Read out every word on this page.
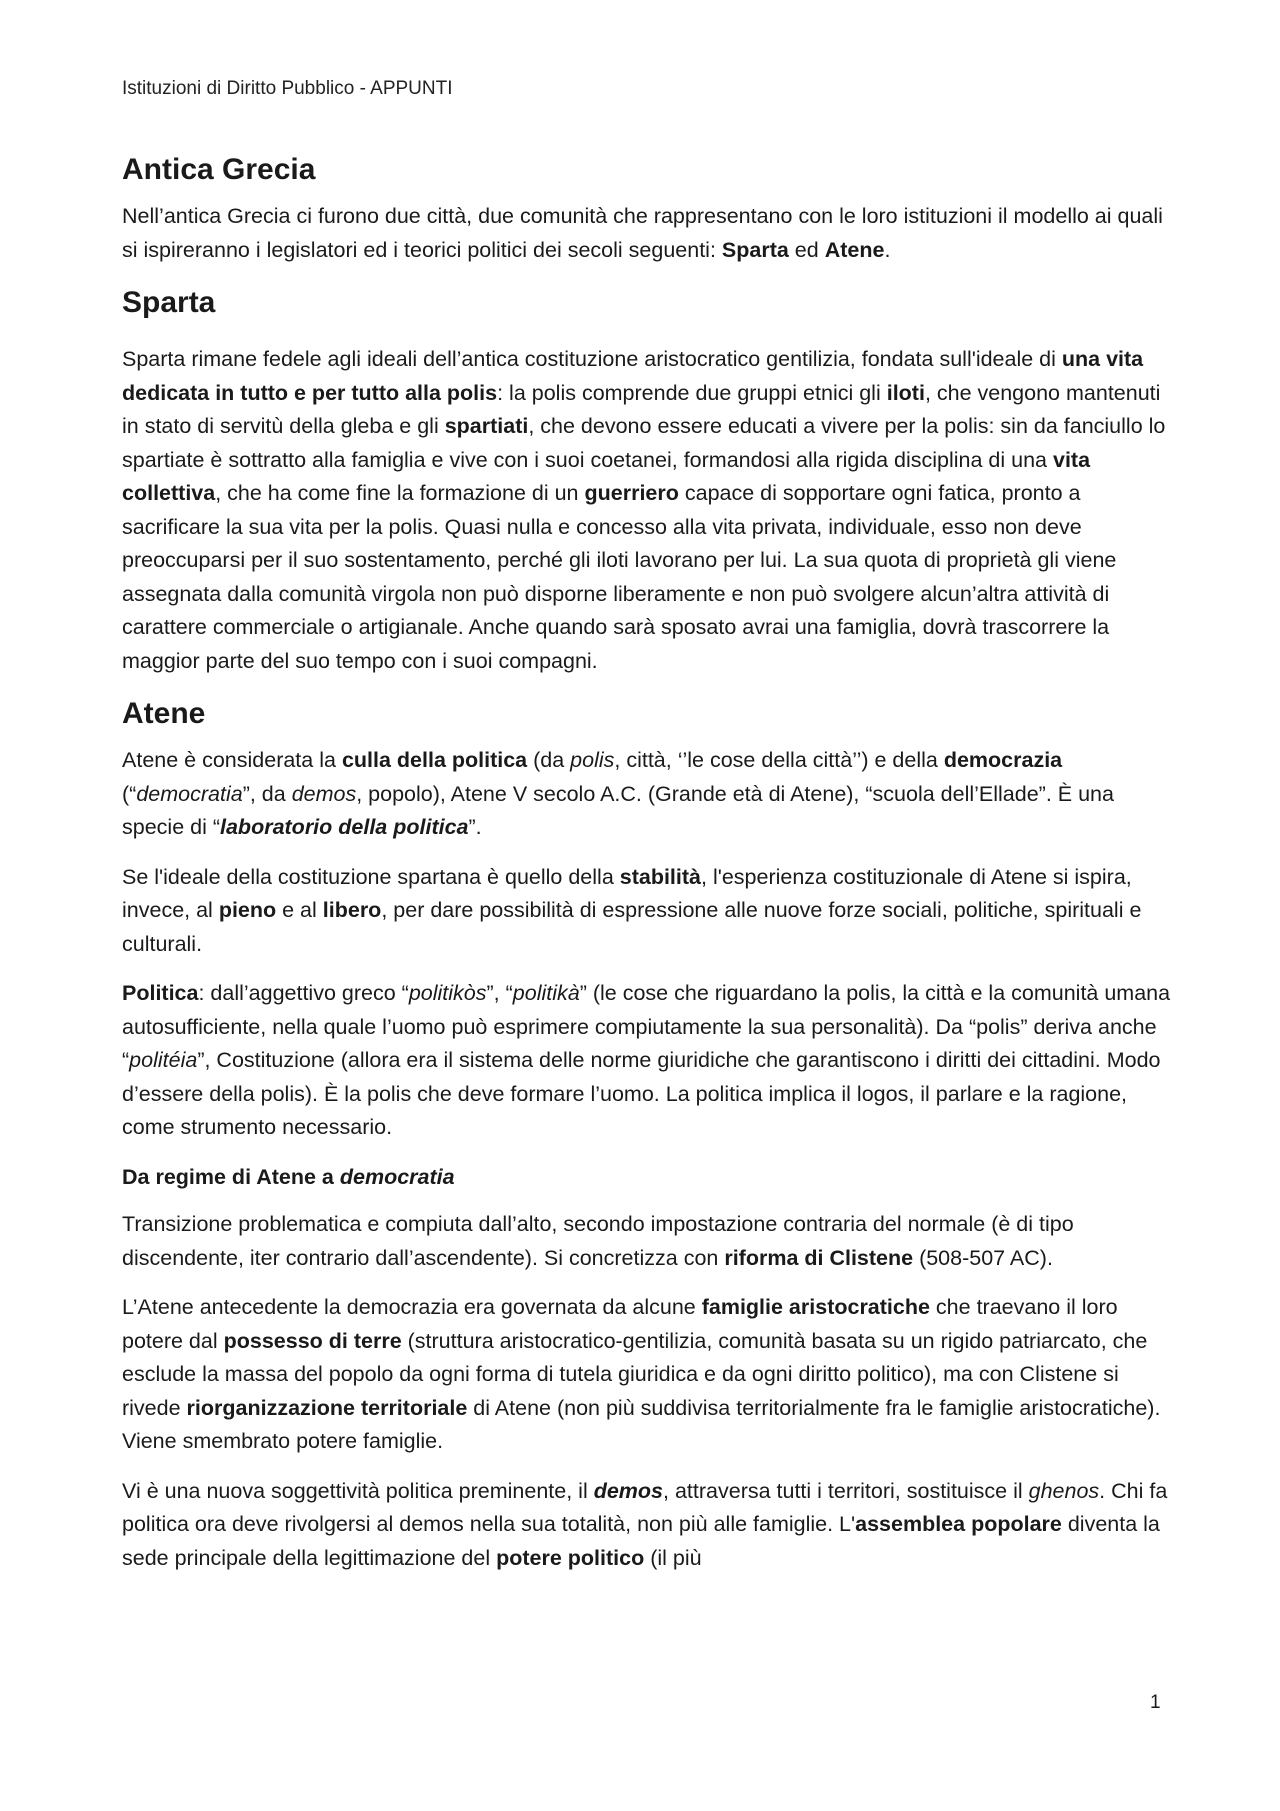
Istituzioni di Diritto Pubblico - APPUNTI
Antica Grecia

Nell’antica Grecia ci furono due città, due comunità che rappresentano con le loro istituzioni il modello ai quali si ispireranno i legislatori ed i teorici politici dei secoli seguenti: Sparta ed Atene.

Sparta

Sparta rimane fedele agli ideali dell’antica costituzione aristocratico gentilizia, fondata sull'ideale di una vita dedicata in tutto e per tutto alla polis: la polis comprende due gruppi etnici gli iloti, che vengono mantenuti in stato di servitù della gleba e gli spartiati, che devono essere educati a vivere per la polis: sin da fanciullo lo spartiate è sottratto alla famiglia e vive con i suoi coetanei, formandosi alla rigida disciplina di una vita collettiva, che ha come fine la formazione di un guerriero capace di sopportare ogni fatica, pronto a sacrificare la sua vita per la polis. Quasi nulla e concesso alla vita privata, individuale, esso non deve preoccuparsi per il suo sostentamento, perché gli iloti lavorano per lui. La sua quota di proprietà gli viene assegnata dalla comunità virgola non può disporne liberamente e non può svolgere alcun’altra attività di carattere commerciale o artigianale. Anche quando sarà sposato avrai una famiglia, dovrà trascorrere la maggior parte del suo tempo con i suoi compagni.

Atene

Atene è considerata la culla della politica (da polis, città, ‘’le cose della città’’) e della democrazia (“democratia”, da demos, popolo), Atene V secolo A.C. (Grande età di Atene), “scuola dell’Ellade”. È una specie di “laboratorio della politica”.

Se l'ideale della costituzione spartana è quello della stabilità, l'esperienza costituzionale di Atene si ispira, invece, al pieno e al libero, per dare possibilità di espressione alle nuove forze sociali, politiche, spirituali e culturali.

Politica: dall’aggettivo greco “politikòs”, “politikà” (le cose che riguardano la polis, la città e la comunità umana autosufficiente, nella quale l’uomo può esprimere compiutamente la sua personalità). Da “polis” deriva anche “politéia”, Costituzione (allora era il sistema delle norme giuridiche che garantiscono i diritti dei cittadini. Modo d’essere della polis). È la polis che deve formare l’uomo. La politica implica il logos, il parlare e la ragione, come strumento necessario.

Da regime di Atene a democratia

Transizione problematica e compiuta dall’alto, secondo impostazione contraria del normale (è di tipo discendente, iter contrario dall’ascendente). Si concretizza con riforma di Clistene (508-507 AC).

L’Atene antecedente la democrazia era governata da alcune famiglie aristocratiche che traevano il loro potere dal possesso di terre (struttura aristocratico-gentilizia, comunità basata su un rigido patriarcato, che esclude la massa del popolo da ogni forma di tutela giuridica e da ogni diritto politico), ma con Clistene si rivede riorganizzazione territoriale di Atene (non più suddivisa territorialmente fra le famiglie aristocratiche). Viene smembrato potere famiglie.

Vi è una nuova soggettività politica preminente, il demos, attraversa tutti i territori, sostituisce il ghenos. Chi fa politica ora deve rivolgersi al demos nella sua totalità, non più alle famiglie. L'assemblea popolare diventa la sede principale della legittimazione del potere politico (il più

1
